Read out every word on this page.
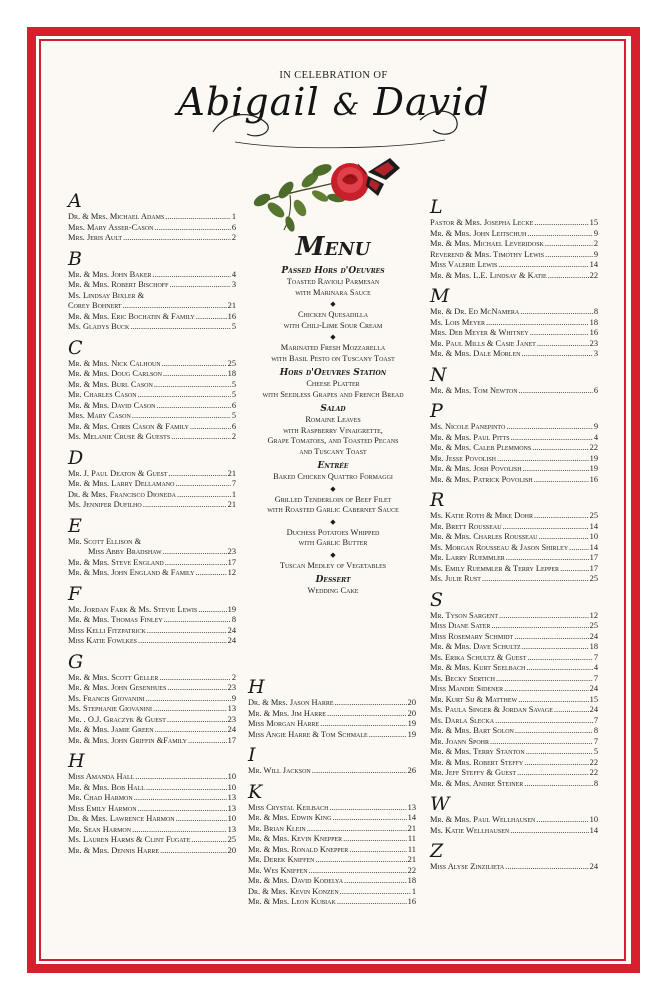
IN CELEBRATION OF
Abigail & David
A
Dr. & Mrs. Michael Adams .....	1
Mrs. Mary Asser-Cason .....	6
Mrs. Jeris Ault .....	2
B
Mr. & Mrs. John Baker .....	4
Mr. & Mrs. Robert Bischoff .....	3
Ms. Lindsay Bixler &
Corey Bohnert .....	21
Mr. & Mrs. Eric Bochatin & Family .....	16
Ms. Gladys Buck .....	5
C
Mr. & Mrs. Nick Calhoun .....	25
Mr. & Mrs. Doug Carlson .....	18
Mr. & Mrs. Burl Cason .....	5
Mr. Charles Cason .....	5
Mr. & Mrs. David Cason .....	6
Mrs. Mary Cason .....	5
Mr. & Mrs. Chris Cason & Family .....	6
Ms. Melanie Cruse & Guests .....	2
D
Mr. J. Paul Deaton & Guest .....	21
Mr. & Mrs. Larry Dellamano .....	7
Dr. & Mrs. Francisco Dioneda .....	1
Ms. Jennifer Dufilho .....	21
E
Mr. Scott Ellison &
Miss Abby Bradshaw .....	23
Mr. & Mrs. Steve England .....	17
Mr. & Mrs. John England & Family .....	12
F
Mr. Jordan Fark & Ms. Stevie Lewis .....	19
Mr. & Mrs. Thomas Finley .....	8
Miss Kelli Fitzpatrick .....	24
Miss Katie Fowlkes .....	24
G
Mr. & Mrs. Scott Geller .....	2
Mr. & Mrs. John Gesenhues .....	23
Ms. Francis Giovanini .....	9
Ms. Stephanie Giovanini .....	13
Mr. . O.J. Graczyk & Guest .....	23
Mr. & Mrs. Jamie Green .....	24
Mr. & Mrs. John Griffin &Family .....	17
H
Miss Amanda Hall .....	10
Mr. & Mrs. Bob Hall .....	10
Mr. Chad Harmon .....	13
Miss Emily Harmon .....	13
Dr. & Mrs. Lawrence Harmon .....	10
Mr. Sean Harmon .....	13
Ms. Lauren Harms & Clint Fugate .....	25
Mr. & Mrs. Dennis Harre .....	20
H
Dr. & Mrs. Jason Harre .....	20
Mr. & Mrs. Jim Harre .....	20
Miss Morgan Harre .....	19
Miss Angie Harre & Tom Schmale .....	19
I
Mr. Will Jackson .....	26
K
Miss Crystal Keilbach .....	13
Mr. & Mrs. Edwin King .....	14
Mr. Brian Klein .....	21
Mr. & Mrs. Kevin Knepper .....	11
Mr. & Mrs. Ronald Knepper .....	11
Mr. Derek Kniffen .....	21
Mr. Wes Kniffen .....	22
Mr. & Mrs. David Kodelya .....	18
Dr. & Mrs. Kevin Konzen .....	1
Mr. & Mrs. Leon Kubiak .....	16
L
Pastor & Mrs. Josepha Lecke .....	15
Mr. & Mrs. John Leitschuh .....	9
Mr. & Mrs. Michael Leveridosk .....	2
Reverend & Mrs. Timothy Lewis .....	9
Miss Valerie Lewis .....	14
Mr. & Mrs. L.E. Lindsay & Katie .....	22
M
Mr. & Dr. Ed McNamera .....	8
Ms. Lois Meyer .....	18
Mrs. Deb Meyer & Whitney .....	16
Mr. Paul Mills & Casie Janet .....	23
Mr. & Mrs. Dale Morlen .....	3
N
Mr. & Mrs. Tom Newton .....	6
P
Ms. Nicole Panepinto .....	9
Mr. & Mrs. Paul Pitts .....	4
Mr. & Mrs. Caleb Plemmons .....	22
Mr. Jesse Povolish .....	19
Mr. & Mrs. Josh Povolish .....	19
Mr. & Mrs. Patrick Povolish .....	16
R
Ms. Katie Roth & Mike Dohr .....	25
Mr. Brett Rousseau .....	14
Mr. & Mrs. Charles Rousseau .....	10
Ms. Morgan Rousseau & Jason Shirley .....	14
Mr. Larry Ruemmler .....	17
Ms. Emily Ruemmler & Terry Lepper .....	17
Ms. Julie Rust .....	25
S
Mr. Tyson Sargent .....	12
Miss Diane Sater .....	25
Miss Rosemary Schmidt .....	24
Mr. & Mrs. Dave Schultz .....	18
Ms. Erika Schultz & Guest .....	7
Mr. & Mrs. Kurt Seelbach .....	4
Ms. Becky Sertich .....	7
Miss Mandie Sidener .....	24
Mr. Kurt Sij & Matthew .....	15
Ms. Paula Singer & Jordan Savage .....	24
Ms. Darla Slecka .....	7
Mr. & Mrs. Bart Solon .....	8
Mr. Joann Spohr .....	7
Mr. & Mrs. Terry Stanton .....	5
Mr. & Mrs. Robert Steffy .....	22
Mr. Jeff Steffy & Guest .....	22
Mr. & Mrs. Andre Steiner .....	8
W
Mr. & Mrs. Paul Wellhausen .....	10
Ms. Katie Wellhausen .....	14
Z
Miss Alyse Zinzilieta .....	24
Menu
Passed Hors d'Oeuvres
Toasted Ravioli Parmesan
with Marinara Sauce
◆
Chicken Quesadilla
with Chili-Lime Sour Cream
◆
Marinated Fresh Mozzarella
with Basil Pesto on Tuscany Toast
Hors d'Oeuvres Station
Cheese Platter
with Seedless Grapes and French Bread
Salad
Romaine Leaves
with Raspberry Vinaigrette,
Grape Tomatoes, and Toasted Pecans
and Tuscany Toast
Entrée
Baked Chicken Quattro Formaggi
◆
Grilled Tenderloin of Beef Filet
with Roasted Garlic Cabernet Sauce
◆
Duchess Potatoes Whipped
with Garlic Butter
◆
Tuscan Medley of Vegetables
Dessert
Wedding Cake
